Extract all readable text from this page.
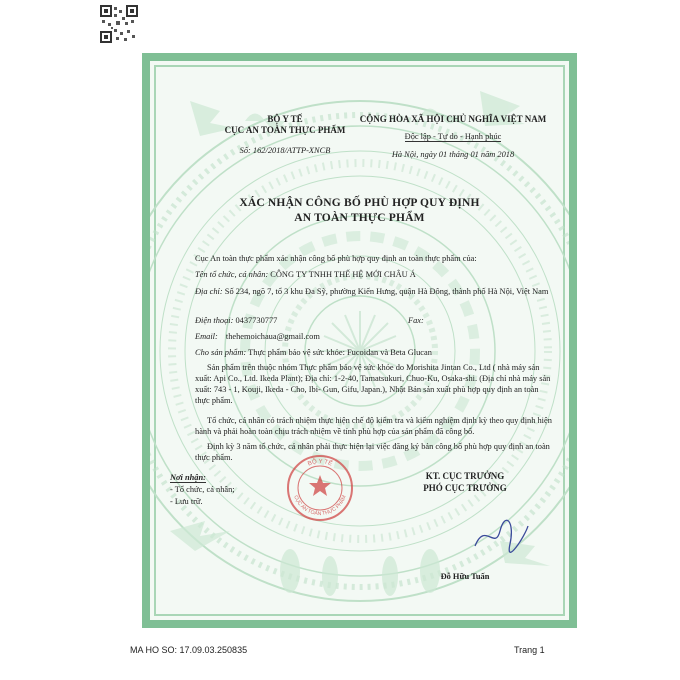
BỘ Y TẾ
CỤC AN TOÀN THỰC PHẨM
Số: 162/2018/ATTP-XNCB
CỘNG HÒA XÃ HỘI CHỦ NGHĨA VIỆT NAM
Độc lập - Tự do - Hạnh phúc
Hà Nội, ngày 01 tháng 01 năm 2018
XÁC NHẬN CÔNG BỐ PHÙ HỢP QUY ĐỊNH
AN TOÀN THỰC PHẨM
Cục An toàn thực phẩm xác nhận công bố phù hợp quy định an toàn thực phẩm của:
Tên tổ chức, cá nhân: CÔNG TY TNHH THẾ HỆ MỚI CHÂU Á
Địa chỉ: Số 234, ngõ 7, tổ 3 khu Đa Sỹ, phường Kiến Hưng, quận Hà Đông, thành phố Hà Nội, Việt Nam
Điện thoại: 0437730777	Fax:
Email: thehemoichaua@gmail.com
Cho sản phẩm: Thực phẩm bảo vệ sức khỏe: Fucoidan và Beta Glucan
Sản phẩm trên thuộc nhóm Thực phẩm bảo vệ sức khỏe do Morishita Jintan Co., Ltd ( nhà máy sản xuất: Api Co., Ltd. Ikeda Plant); Địa chỉ: 1-2-40, Tamatsukuri, Chuo-Ku, Osaka-shi. (Địa chỉ nhà máy sản xuất: 743 - 1, Kouji, Ikeda - Cho, Ibi- Gun, Gifu, Japan.), Nhật Bản sản xuất phù hợp quy định an toàn thực phẩm.
Tổ chức, cá nhân có trách nhiệm thực hiện chế độ kiểm tra và kiểm nghiệm định kỳ theo quy định hiện hành và phải hoàn toàn chịu trách nhiệm về tính phù hợp của sản phẩm đã công bố.
Định kỳ 3 năm tổ chức, cá nhân phải thực hiện lại việc đăng ký bản công bố phù hợp quy định an toàn thực phẩm.
Nơi nhận:
- Tổ chức, cá nhân;
- Lưu trữ.
KT. CỤC TRƯỞNG
PHÓ CỤC TRƯỞNG
Đỗ Hữu Tuấn
BỘ Y TẾ
CỤC AN TOÀN THỰC PHẨM
MA HO SO: 17.09.03.250835	Trang 1
